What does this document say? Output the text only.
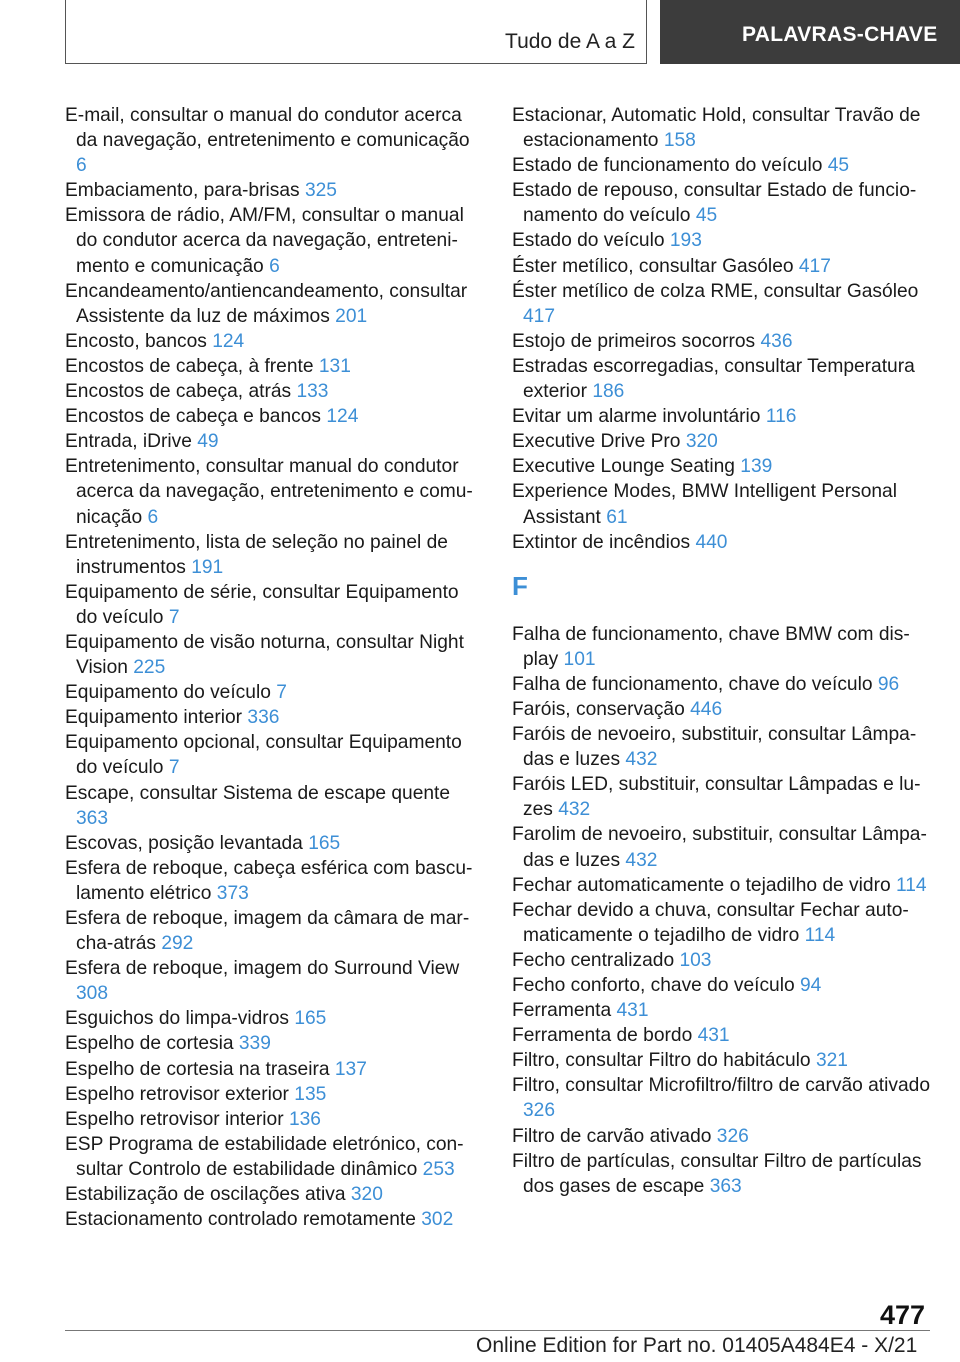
Tudo de A a Z	PALAVRAS-CHAVE
E-mail, consultar o manual do condutor acerca da navegação, entretenimento e comunicação 6
Embaciamento, para-brisas 325
Emissora de rádio, AM/FM, consultar o manual do condutor acerca da navegação, entretenimento e comunicação 6
Encandeamento/antiencandeamento, consultar Assistente da luz de máximos 201
Encosto, bancos 124
Encostos de cabeça, à frente 131
Encostos de cabeça, atrás 133
Encostos de cabeça e bancos 124
Entrada, iDrive 49
Entretenimento, consultar manual do condutor acerca da navegação, entretenimento e comunicação 6
Entretenimento, lista de seleção no painel de instrumentos 191
Equipamento de série, consultar Equipamento do veículo 7
Equipamento de visão noturna, consultar Night Vision 225
Equipamento do veículo 7
Equipamento interior 336
Equipamento opcional, consultar Equipamento do veículo 7
Escape, consultar Sistema de escape quente 363
Escovas, posição levantada 165
Esfera de reboque, cabeça esférica com basculamento elétrico 373
Esfera de reboque, imagem da câmara de marcha-atrás 292
Esfera de reboque, imagem do Surround View 308
Esguichos do limpa-vidros 165
Espelho de cortesia 339
Espelho de cortesia na traseira 137
Espelho retrovisor exterior 135
Espelho retrovisor interior 136
ESP Programa de estabilidade eletrónico, consultar Controlo de estabilidade dinâmico 253
Estabilização de oscilações ativa 320
Estacionamento controlado remotamente 302
Estacionar, Automatic Hold, consultar Travão de estacionamento 158
Estado de funcionamento do veículo 45
Estado de repouso, consultar Estado de funcionamento do veículo 45
Estado do veículo 193
Éster metílico, consultar Gasóleo 417
Éster metílico de colza RME, consultar Gasóleo 417
Estojo de primeiros socorros 436
Estradas escorregadias, consultar Temperatura exterior 186
Evitar um alarme involuntário 116
Executive Drive Pro 320
Executive Lounge Seating 139
Experience Modes, BMW Intelligent Personal Assistant 61
Extintor de incêndios 440
F
Falha de funcionamento, chave BMW com display 101
Falha de funcionamento, chave do veículo 96
Faróis, conservação 446
Faróis de nevoeiro, substituir, consultar Lâmpadas e luzes 432
Faróis LED, substituir, consultar Lâmpadas e luzes 432
Farolim de nevoeiro, substituir, consultar Lâmpadas e luzes 432
Fechar automaticamente o tejadilho de vidro 114
Fechar devido a chuva, consultar Fechar automaticamente o tejadilho de vidro 114
Fecho centralizado 103
Fecho conforto, chave do veículo 94
Ferramenta 431
Ferramenta de bordo 431
Filtro, consultar Filtro do habitáculo 321
Filtro, consultar Microfiltro/filtro de carvão ativado 326
Filtro de carvão ativado 326
Filtro de partículas, consultar Filtro de partículas dos gases de escape 363
477
Online Edition for Part no. 01405A484E4 - X/21
